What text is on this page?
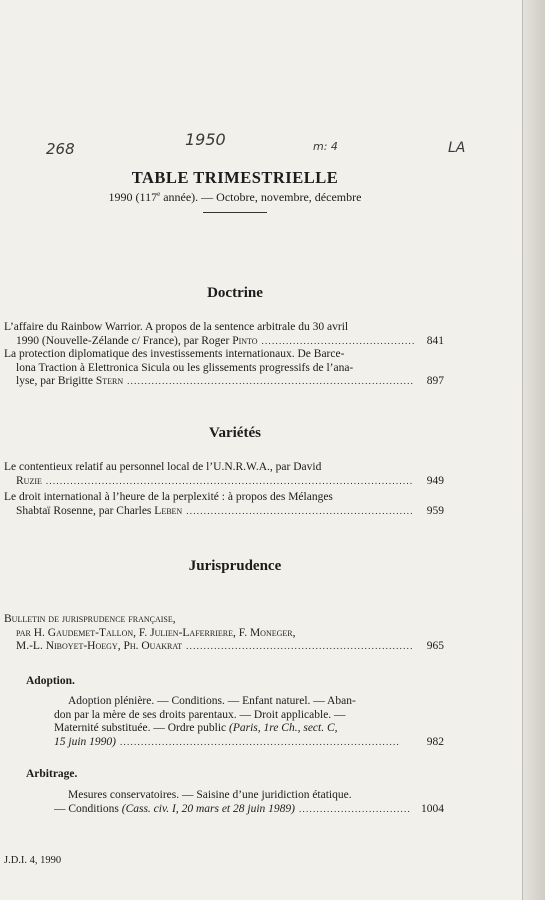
268	1950	m: 4	LA
TABLE TRIMESTRIELLE
1990 (117e année). — Octobre, novembre, décembre
Doctrine
L’affaire du Rainbow Warrior. A propos de la sentence arbitrale du 30 avril
1990 (Nouvelle-Zélande c/ France), par Roger Pinto . . .	841
La protection diplomatique des investissements internationaux. De Barce-
lona Traction à Elettronica Sicula ou les glissements progressifs de l’ana-
lyse, par Brigitte Stern . . .	897
Variétés
Le contentieux relatif au personnel local de l’U.N.R.W.A., par David
Ruzie . . .	949
Le droit international à l’heure de la perplexité : à propos des Mélanges
Shabtaï Rosenne, par Charles Leben . . .	959
Jurisprudence
Bulletin de jurisprudence française,
par H. Gaudemet-Tallon, F. Julien-Laferriere, F. Moneger,
M.-L. Niboyet-Hoegy, Ph. Ouakrat . . .	965
Adoption.
Adoption plénière. — Conditions. — Enfant naturel. — Aban-
don par la mère de ses droits parentaux. — Droit applicable. —
Maternité substituée. — Ordre public (Paris, 1re Ch., sect. C,
15 juin 1990) . . .	982
Arbitrage.
Mesures conservatoires. — Saisine d’une juridiction étatique.
— Conditions (Cass. civ. I, 20 mars et 28 juin 1989) . . .	1004
J.D.I. 4, 1990
